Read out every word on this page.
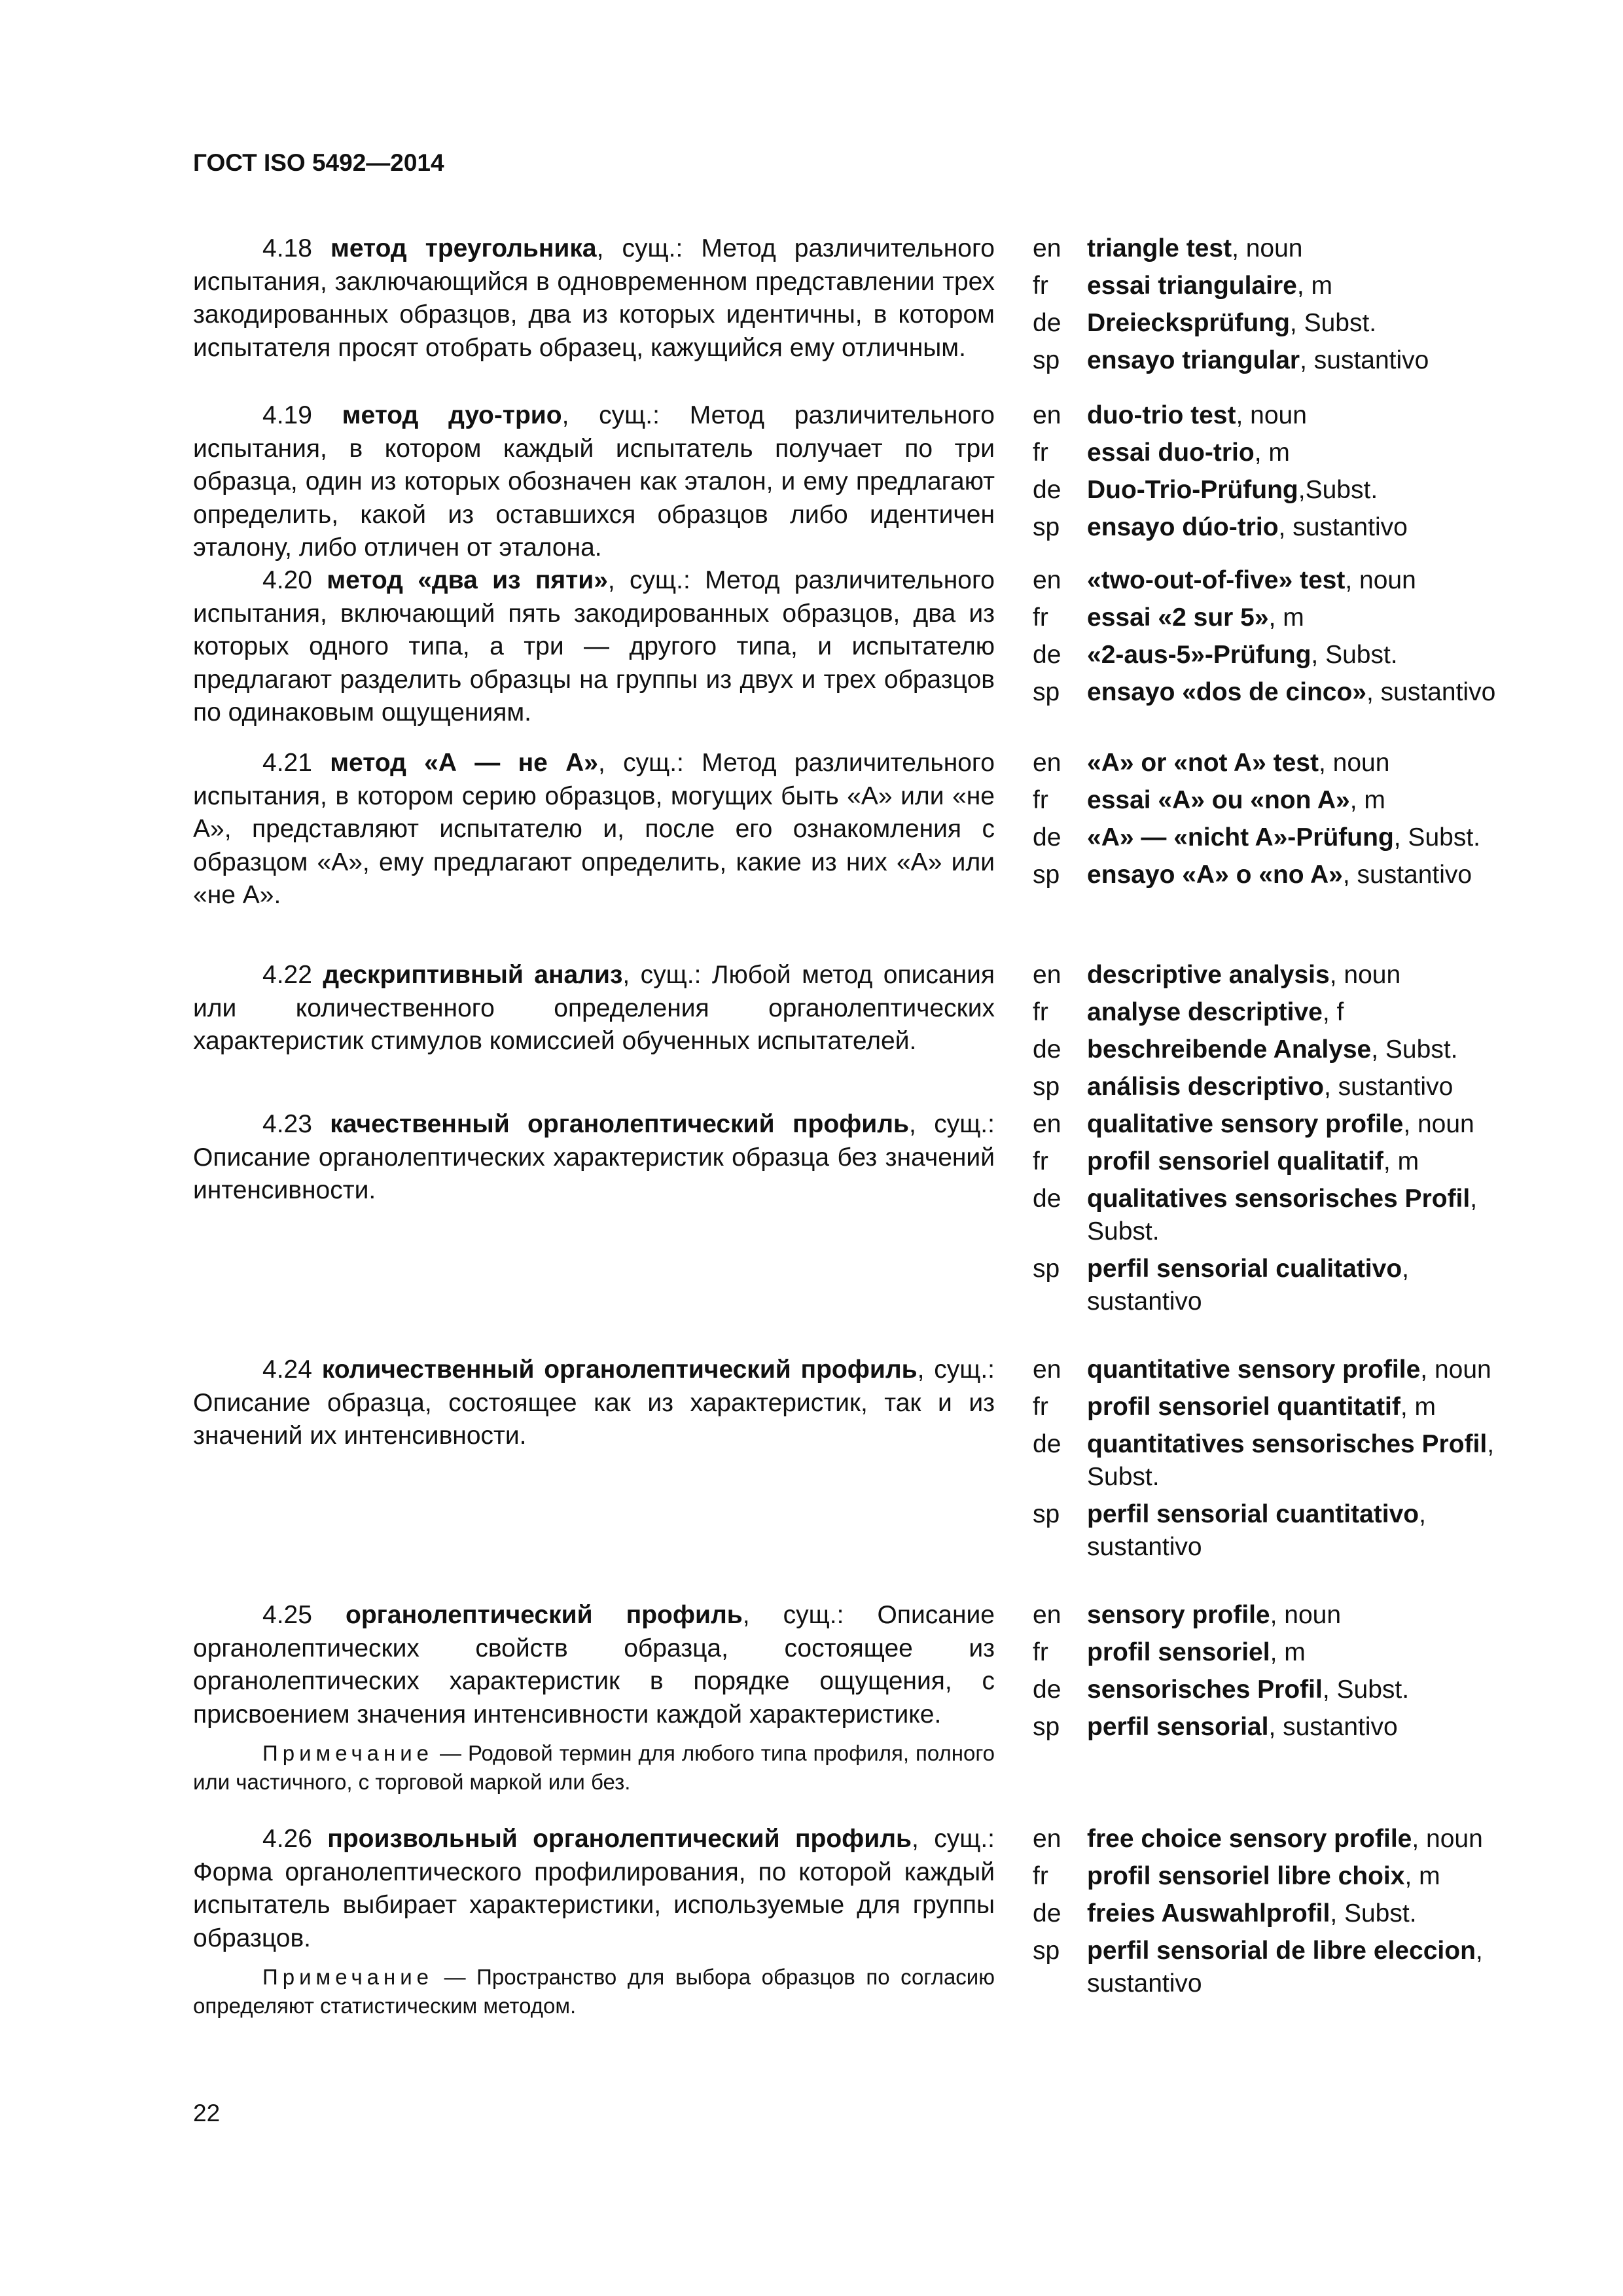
ГОСТ ISO 5492—2014

4.18 метод треугольника, сущ.: Метод различительного испытания, заключающийся в одновременном представлении трех закодированных образцов, два из которых идентичны, в котором испытателя просят отобрать образец, кажущийся ему отличным.

en	triangle test, noun
fr	essai triangulaire, m
de	Dreiecksprüfung, Subst.
sp	ensayo triangular, sustantivo

4.19 метод дуо-трио, сущ.: Метод различительного испытания, в котором каждый испытатель получает по три образца, один из которых обозначен как эталон, и ему предлагают определить, какой из оставшихся образцов либо идентичен эталону, либо отличен от эталона.

en	duo-trio test, noun
fr	essai duo-trio, m
de	Duo-Trio-Prüfung,Subst.
sp	ensayo dúo-trio, sustantivo

4.20 метод «два из пяти», сущ.: Метод различительного испытания, включающий пять закодированных образцов, два из которых одного типа, а три — другого типа, и испытателю предлагают разделить образцы на группы из двух и трех образцов по одинаковым ощущениям.

en	«two-out-of-five» test, noun
fr	essai «2 sur 5», m
de	«2-aus-5»-Prüfung, Subst.
sp	ensayo «dos de cinco», sustantivo

4.21 метод «А — не А», сущ.: Метод различительного испытания, в котором серию образцов, могущих быть «А» или «не А», представляют испытателю и, после его ознакомления с образцом «А», ему предлагают определить, какие из них «А» или «не А».

en	«A» or «not A» test, noun
fr	essai «A» ou «non A», m
de	«A» — «nicht A»-Prüfung, Subst.
sp	ensayo «A» o «no A», sustantivo

4.22 дескриптивный анализ, сущ.: Любой метод описания или количественного определения органолептических характеристик стимулов комиссией обученных испытателей.

en	descriptive analysis, noun
fr	analyse descriptive, f
de	beschreibende Analyse, Subst.
sp	análisis descriptivo, sustantivo

4.23 качественный органолептический профиль, сущ.: Описание органолептических характеристик образца без значений интенсивности.

en	qualitative sensory profile, noun
fr	profil sensoriel qualitatif, m
de	qualitatives sensorisches Profil, Subst.
sp	perfil sensorial cualitativo, sustantivo

4.24 количественный органолептический профиль, сущ.: Описание образца, состоящее как из характеристик, так и из значений их интенсивности.

en	quantitative sensory profile, noun
fr	profil sensoriel quantitatif, m
de	quantitatives sensorisches Profil, Subst.
sp	perfil sensorial cuantitativo, sustantivo

4.25 органолептический профиль, сущ.: Описание органолептических свойств образца, состоящее из органолептических характеристик в порядке ощущения, с присвоением значения интенсивности каждой характеристике.

Примечание — Родовой термин для любого типа профиля, полного или частичного, с торговой маркой или без.

en	sensory profile, noun
fr	profil sensoriel, m
de	sensorisches Profil, Subst.
sp	perfil sensorial, sustantivo

4.26 произвольный органолептический профиль, сущ.: Форма органолептического профилирования, по которой каждый испытатель выбирает характеристики, используемые для группы образцов.

Примечание — Пространство для выбора образцов по согласию определяют статистическим методом.

en	free choice sensory profile, noun
fr	profil sensoriel libre choix, m
de	freies Auswahlprofil, Subst.
sp	perfil sensorial de libre eleccion, sustantivo
22
